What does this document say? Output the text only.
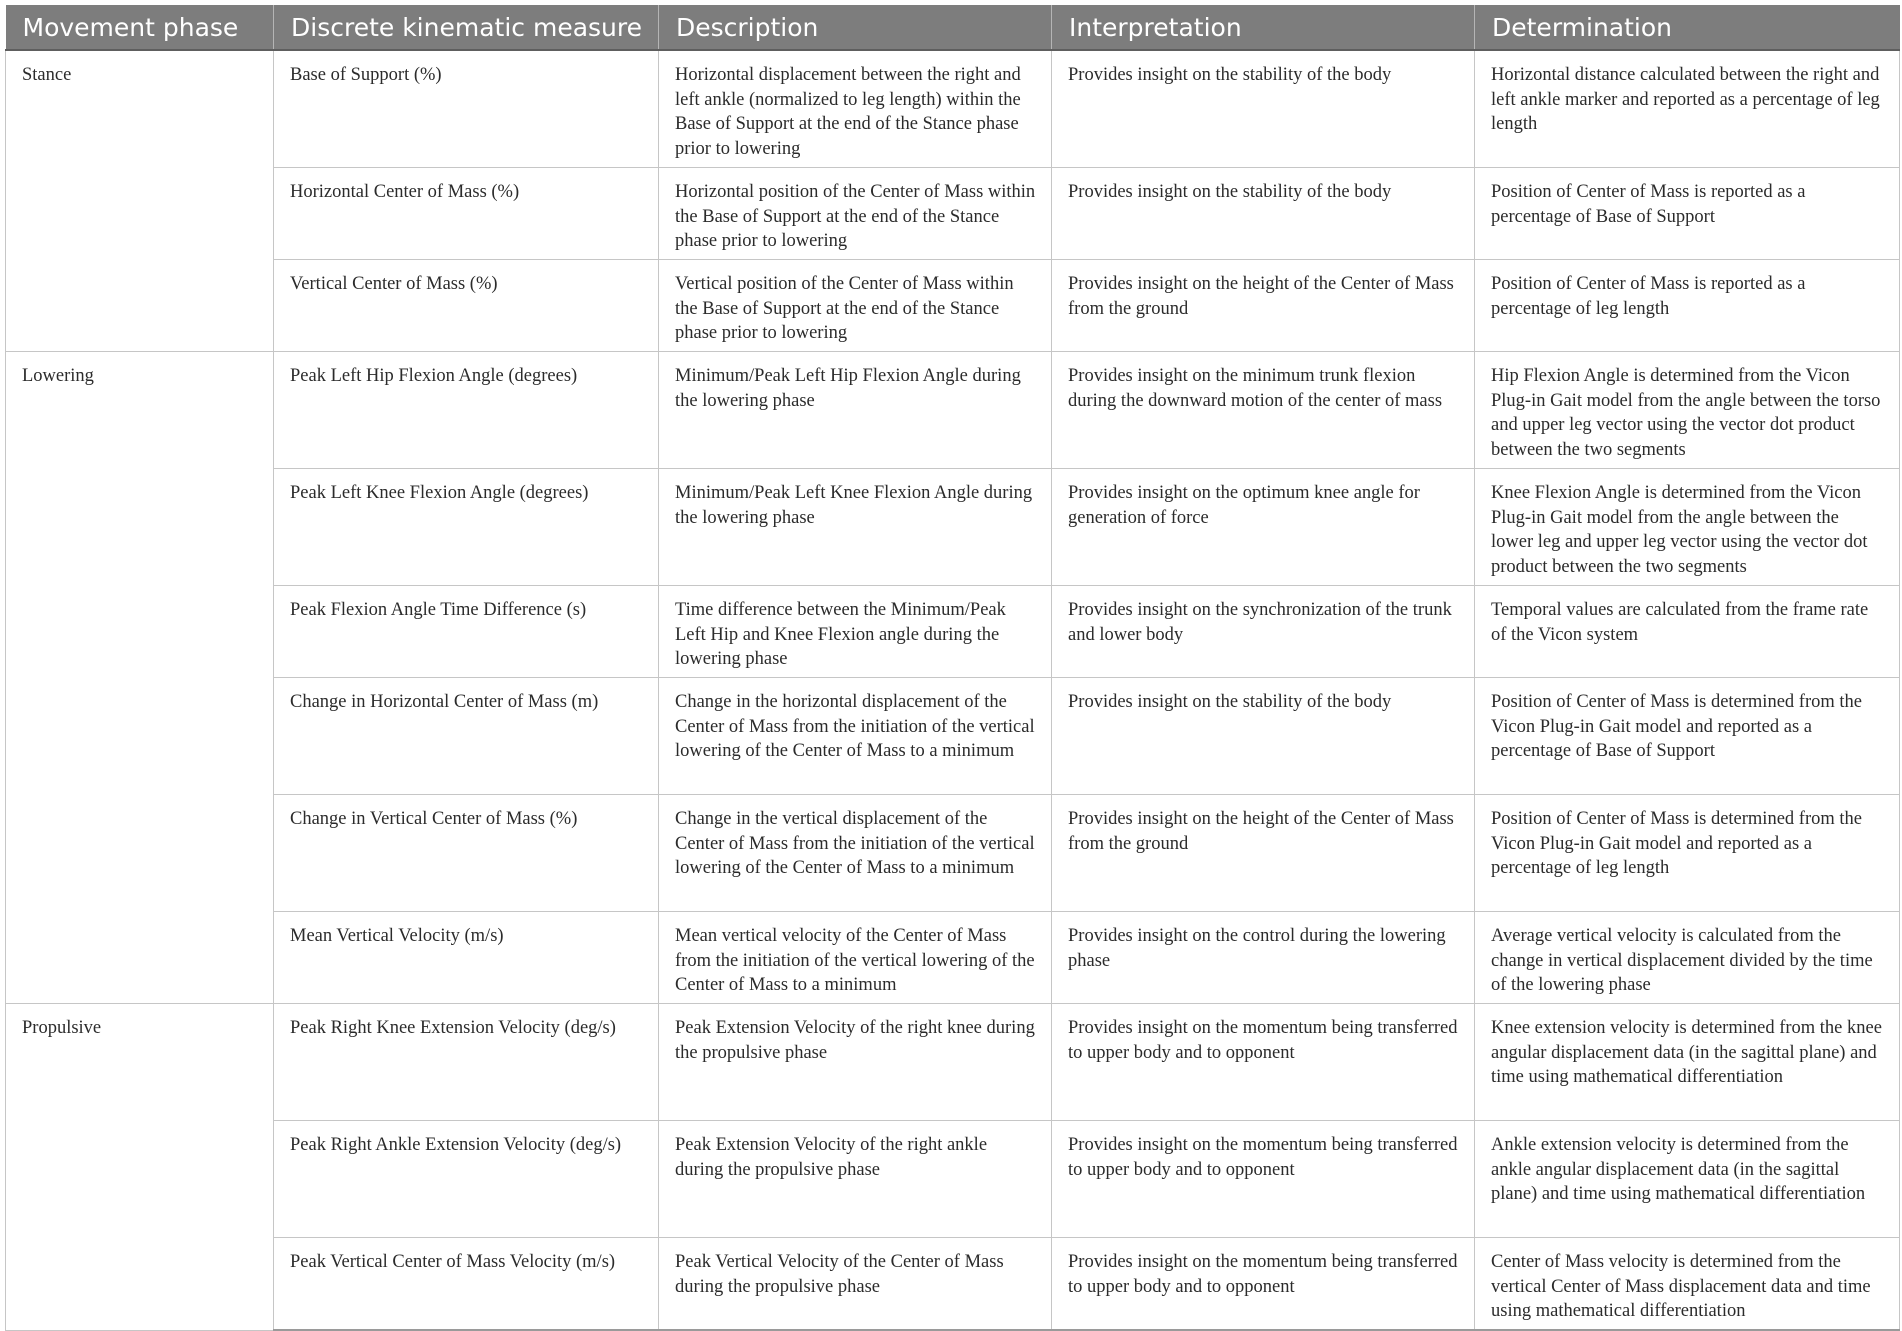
Movement phase	Discrete kinematic measure	Description	Interpretation	Determination
Stance	Base of Support (%)	Horizontal displacement between the right and left ankle (normalized to leg length) within the Base of Support at the end of the Stance phase prior to lowering	Provides insight on the stability of the body	Horizontal distance calculated between the right and left ankle marker and reported as a percentage of leg length
	Horizontal Center of Mass (%)	Horizontal position of the Center of Mass within the Base of Support at the end of the Stance phase prior to lowering	Provides insight on the stability of the body	Position of Center of Mass is reported as a percentage of Base of Support
	Vertical Center of Mass (%)	Vertical position of the Center of Mass within the Base of Support at the end of the Stance phase prior to lowering	Provides insight on the height of the Center of Mass from the ground	Position of Center of Mass is reported as a percentage of leg length
Lowering	Peak Left Hip Flexion Angle (degrees)	Minimum/Peak Left Hip Flexion Angle during the lowering phase	Provides insight on the minimum trunk flexion during the downward motion of the center of mass	Hip Flexion Angle is determined from the Vicon Plug-in Gait model from the angle between the torso and upper leg vector using the vector dot product between the two segments
	Peak Left Knee Flexion Angle (degrees)	Minimum/Peak Left Knee Flexion Angle during the lowering phase	Provides insight on the optimum knee angle for generation of force	Knee Flexion Angle is determined from the Vicon Plug-in Gait model from the angle between the lower leg and upper leg vector using the vector dot product between the two segments
	Peak Flexion Angle Time Difference (s)	Time difference between the Minimum/Peak Left Hip and Knee Flexion angle during the lowering phase	Provides insight on the synchronization of the trunk and lower body	Temporal values are calculated from the frame rate of the Vicon system
	Change in Horizontal Center of Mass (m)	Change in the horizontal displacement of the Center of Mass from the initiation of the vertical lowering of the Center of Mass to a minimum	Provides insight on the stability of the body	Position of Center of Mass is determined from the Vicon Plug-in Gait model and reported as a percentage of Base of Support
	Change in Vertical Center of Mass (%)	Change in the vertical displacement of the Center of Mass from the initiation of the vertical lowering of the Center of Mass to a minimum	Provides insight on the height of the Center of Mass from the ground	Position of Center of Mass is determined from the Vicon Plug-in Gait model and reported as a percentage of leg length
	Mean Vertical Velocity (m/s)	Mean vertical velocity of the Center of Mass from the initiation of the vertical lowering of the Center of Mass to a minimum	Provides insight on the control during the lowering phase	Average vertical velocity is calculated from the change in vertical displacement divided by the time of the lowering phase
Propulsive	Peak Right Knee Extension Velocity (deg/s)	Peak Extension Velocity of the right knee during the propulsive phase	Provides insight on the momentum being transferred to upper body and to opponent	Knee extension velocity is determined from the knee angular displacement data (in the sagittal plane) and time using mathematical differentiation
	Peak Right Ankle Extension Velocity (deg/s)	Peak Extension Velocity of the right ankle during the propulsive phase	Provides insight on the momentum being transferred to upper body and to opponent	Ankle extension velocity is determined from the ankle angular displacement data (in the sagittal plane) and time using mathematical differentiation
	Peak Vertical Center of Mass Velocity (m/s)	Peak Vertical Velocity of the Center of Mass during the propulsive phase	Provides insight on the momentum being transferred to upper body and to opponent	Center of Mass velocity is determined from the vertical Center of Mass displacement data and time using mathematical differentiation
